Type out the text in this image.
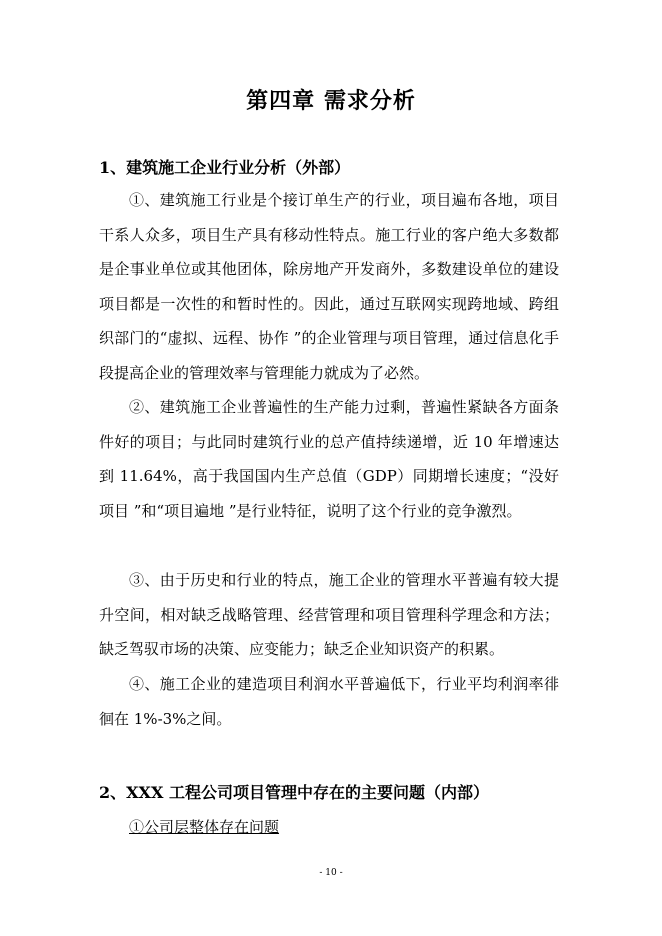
第四章 需求分析
1、建筑施工企业行业分析（外部）

①、建筑施工行业是个接订单生产的行业，项目遍布各地，项目干系人众多，项目生产具有移动性特点。施工行业的客户绝大多数都是企事业单位或其他团体，除房地产开发商外，多数建设单位的建设项目都是一次性的和暂时性的。因此，通过互联网实现跨地域、跨组织部门的“虚拟、远程、协作 ”的企业管理与项目管理，通过信息化手段提高企业的管理效率与管理能力就成为了必然。

②、建筑施工企业普遍性的生产能力过剩，普遍性紧缺各方面条件好的项目；与此同时建筑行业的总产值持续递增，近 10 年增速达到 11.64%，高于我国国内生产总值（GDP）同期增长速度；“没好项目 ”和“项目遍地 ”是行业特征，说明了这个行业的竞争激烈。

③、由于历史和行业的特点，施工企业的管理水平普遍有较大提升空间，相对缺乏战略管理、经营管理和项目管理科学理念和方法；缺乏驾驭市场的决策、应变能力；缺乏企业知识资产的积累。

④、施工企业的建造项目利润水平普遍低下，行业平均利润率徘徊在 1%-3%之间。

2、XXX 工程公司项目管理中存在的主要问题（内部）
①公司层整体存在问题
- 10 -
